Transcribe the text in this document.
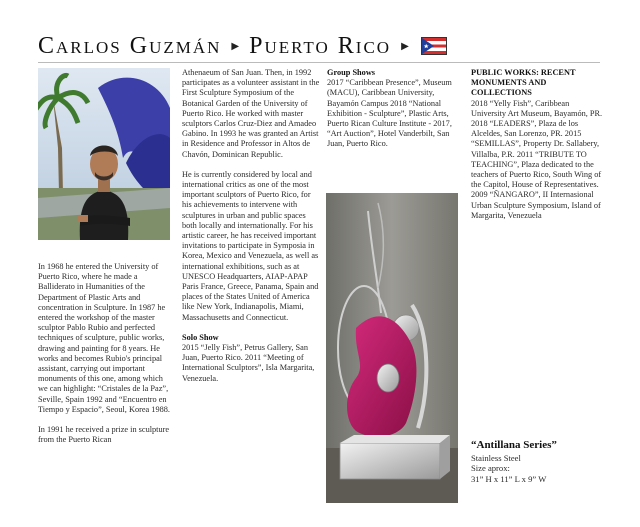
Carlos Guzmán ▶ Puerto Rico ▶

In 1968 he entered the University of Puerto Rico, where he made a Balliderato in Humanities of the Department of Plastic Arts and concentration in Sculpture. In 1987 he entered the workshop of the master sculptor Pablo Rubio and perfected techniques of sculpture, public works, drawing and painting for 8 years. He works and becomes Rubio's principal assistant, carrying out important monuments of this one, among which we can highlight: “Cristales de la Paz”, Seville, Spain 1992 and “Encuentro en Tiempo y Espacio”, Seoul, Korea 1988.

In 1991 he received a prize in sculpture from the Puerto Rican

Athenaeum of San Juan. Then, in 1992 participates as a volunteer assistant in the First Sculpture Symposium of the Botanical Garden of the University of Puerto Rico. He worked with master sculptors Carlos Cruz-Diez and Amadeo Gabino. In 1993 he was granted an Artist in Residence and Professor in Altos de Chavón, Dominican Republic.

He is currently considered by local and international critics as one of the most important sculptors of Puerto Rico, for his achievements to intervene with sculptures in urban and public spaces both locally and internationally. For his artistic career, he has received important invitations to participate in Symposia in Korea, Mexico and Venezuela, as well as international exhibitions, such as at UNESCO Headquarters, AIAP-APAP Paris France, Greece, Panama, Spain and places of the States United of America like New York, Indianapolis, Miami, Massachusetts and Connecticut.

Solo Show

2015 “Jelly Fish”, Petrus Gallery, San Juan, Puerto Rico. 2011 “Meeting of International Sculptors”, Isla Margarita, Venezuela.

Group Shows

2017 “Caribbean Presence”, Museum (MACU), Caribbean University, Bayamón Campus 2018 “National Exhibition - Sculpture”, Plastic Arts, Puerto Rican Culture Institute - 2017, “Art Auction”, Hotel Vanderbilt, San Juan, Puerto Rico.

PUBLIC WORKS: RECENT MONUMENTS AND COLLECTIONS

2018 “Yelly Fish”, Caribbean University Art Museum, Bayamón, PR. 2018 “LEADERS”, Plaza de los Alceldes, San Lorenzo, PR. 2015 “SEMILLAS”, Property Dr. Sallabery, Villalba, P.R. 2011 “TRIBUTE TO TEACHING”, Plaza dedicated to the teachers of Puerto Rico, South Wing of the Capitol, House of Representatives. 2009 “ÑANGARO”, II Internasional Urban Sculpture Symposium, Island of Margarita, Venezuela

“Antillana Series”
Stainless Steel
Size aprox:
31” H x 11” L x 9” W
